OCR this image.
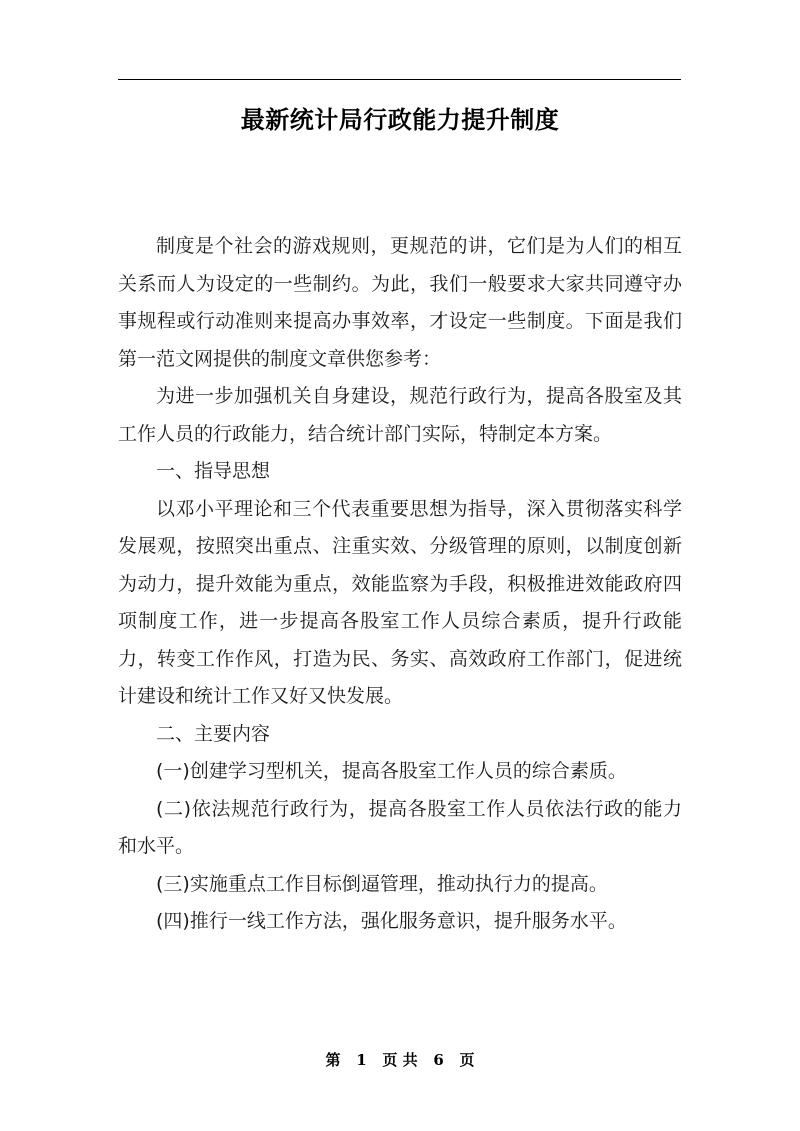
最新统计局行政能力提升制度

制度是个社会的游戏规则，更规范的讲，它们是为人们的相互关系而人为设定的一些制约。为此，我们一般要求大家共同遵守办事规程或行动准则来提高办事效率，才设定一些制度。下面是我们第一范文网提供的制度文章供您参考：

为进一步加强机关自身建设，规范行政行为，提高各股室及其工作人员的行政能力，结合统计部门实际，特制定本方案。

一、指导思想

以邓小平理论和三个代表重要思想为指导，深入贯彻落实科学发展观，按照突出重点、注重实效、分级管理的原则，以制度创新为动力，提升效能为重点，效能监察为手段，积极推进效能政府四项制度工作，进一步提高各股室工作人员综合素质，提升行政能力，转变工作作风，打造为民、务实、高效政府工作部门，促进统计建设和统计工作又好又快发展。

二、主要内容

(一)创建学习型机关，提高各股室工作人员的综合素质。

(二)依法规范行政行为，提高各股室工作人员依法行政的能力和水平。

(三)实施重点工作目标倒逼管理，推动执行力的提高。

(四)推行一线工作方法，强化服务意识，提升服务水平。

第 1 页 共 6 页
